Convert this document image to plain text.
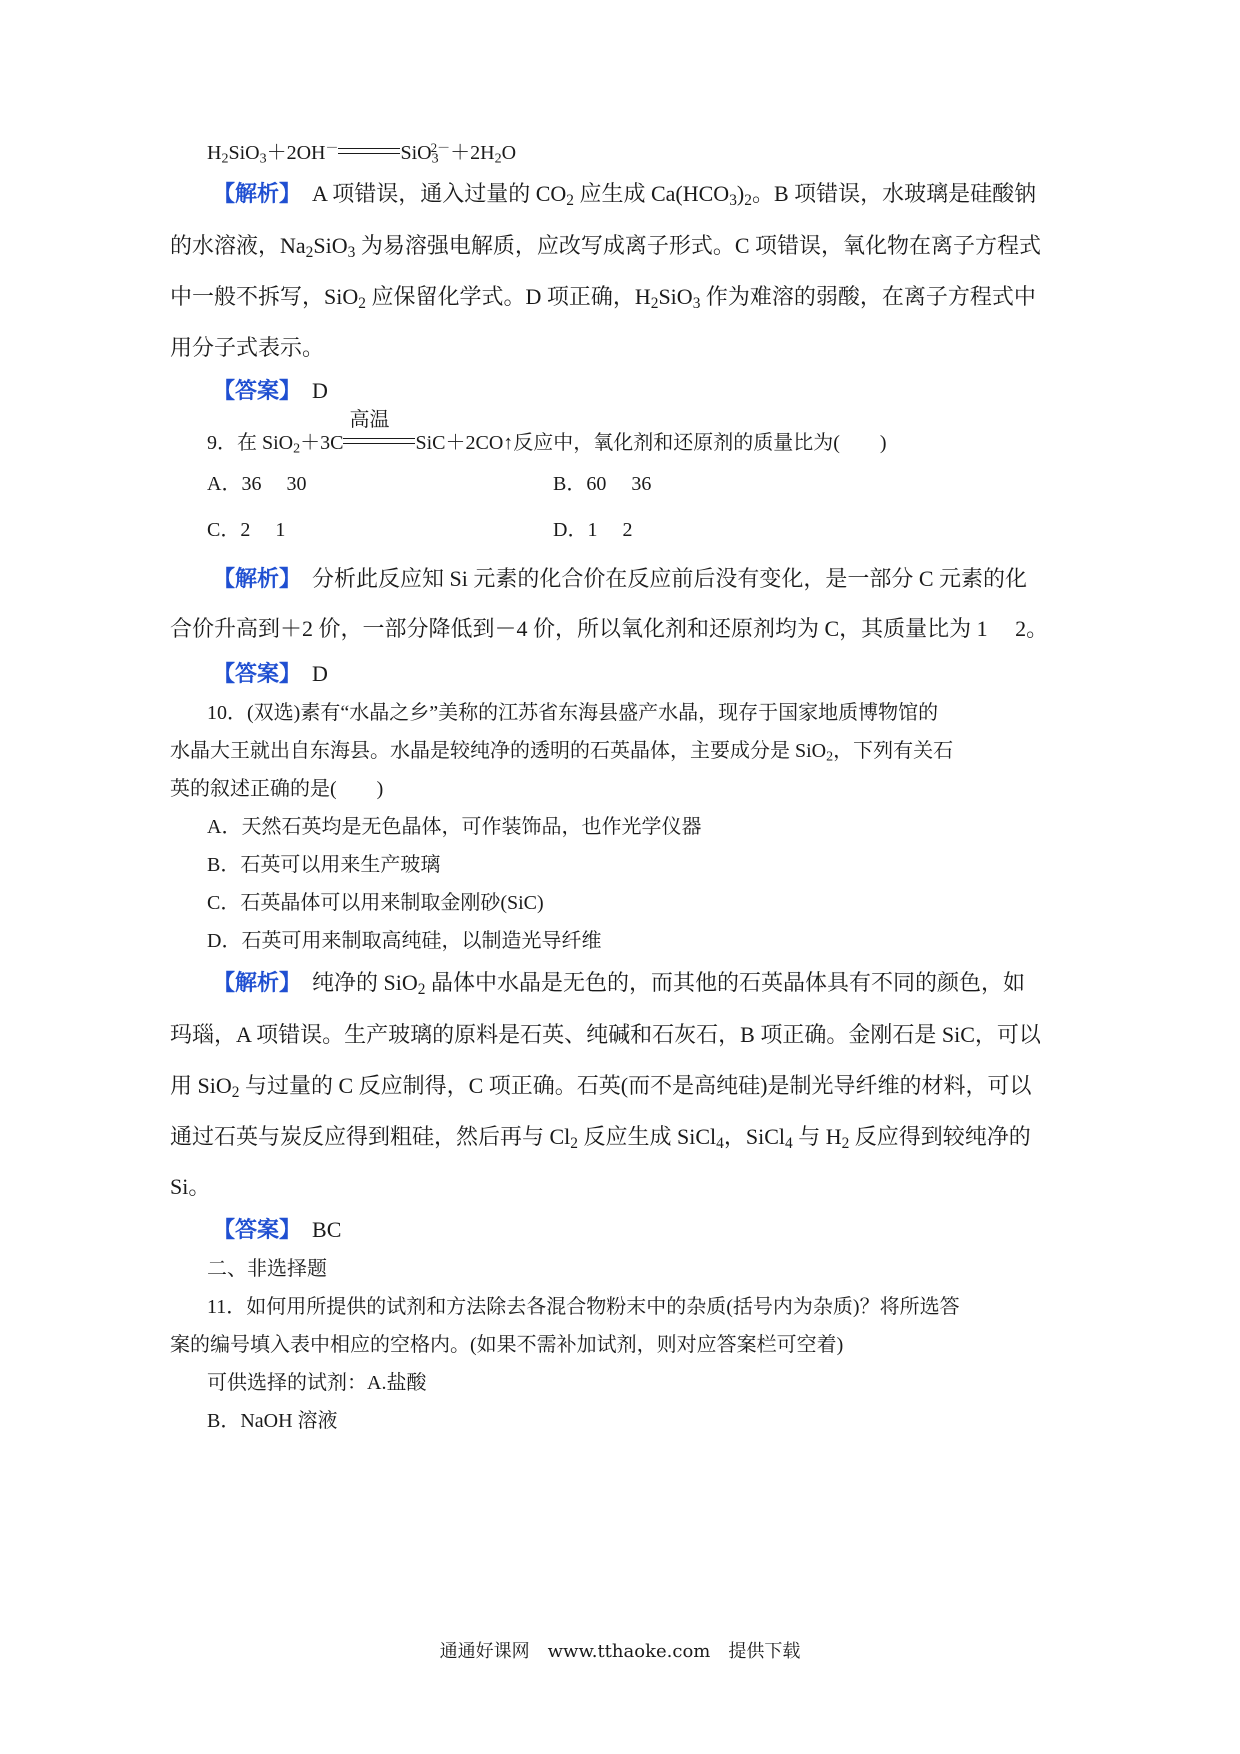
$H_2SiO_3+2OH^-$	$SiO_3^{2-}+2H_2O$
【解析】　 A 项错误，通入过量的 $CO_2$ 应生成 $Ca(HCO_3)_2$。B 项错误，水玻璃是硅酸钠
的水溶液，$Na_2SiO_3$ 为易溶强电解质，应改写成离子形式。C 项错误，氧化物在离子方程式
中一般不拆写，SiO$_2$ 应保留化学式。D 项正确，$H_2SiO_3$ 作为难溶的弱酸，在离子方程式中
用分子式表示。
【答案】　 D
9．在 SiO$_2$＋3C
高温
SiC＋2CO↑反应中，氧化剂和还原剂的质量比为(　　)
A．36　 30	B．60　 36
C．2　 1	D．1　 2
【解析】　 分析此反应知 Si 元素的化合价在反应前后没有变化，是一部分 C 元素的化
合价升高到＋2 价，一部分降低到－4 价，所以氧化剂和还原剂均为 C，其质量比为 1　 2。
【答案】　 D
10．(双选)素有“水晶之乡”美称的江苏省东海县盛产水晶，现存于国家地质博物馆的
水晶大王就出自东海县。水晶是较纯净的透明的石英晶体，主要成分是 SiO$_2$，下列有关石
英的叙述正确的是(　　)
A．天然石英均是无色晶体，可作装饰品，也作光学仪器
B．石英可以用来生产玻璃
C．石英晶体可以用来制取金刚砂(SiC)
D．石英可用来制取高纯硅，以制造光导纤维
【解析】　 纯净的 SiO$_2$ 晶体中水晶是无色的，而其他的石英晶体具有不同的颜色，如
玛瑙，A 项错误。生产玻璃的原料是石英、纯碱和石灰石，B 项正确。金刚石是 SiC，可以
用 SiO$_2$ 与过量的 C 反应制得，C 项正确。石英(而不是高纯硅)是制光导纤维的材料，可以
通过石英与炭反应得到粗硅，然后再与 $Cl_2$ 反应生成 SiCl$_4$，SiCl$_4$ 与 $H_2$ 反应得到较纯净的
Si。
【答案】　 BC
二、非选择题
11．如何用所提供的试剂和方法除去各混合物粉末中的杂质(括号内为杂质)？将所选答
案的编号填入表中相应的空格内。(如果不需补加试剂，则对应答案栏可空着)
可供选择的试剂：A.盐酸
B．NaOH 溶液
通通好课网　www.tthaoke.com　提供下载
